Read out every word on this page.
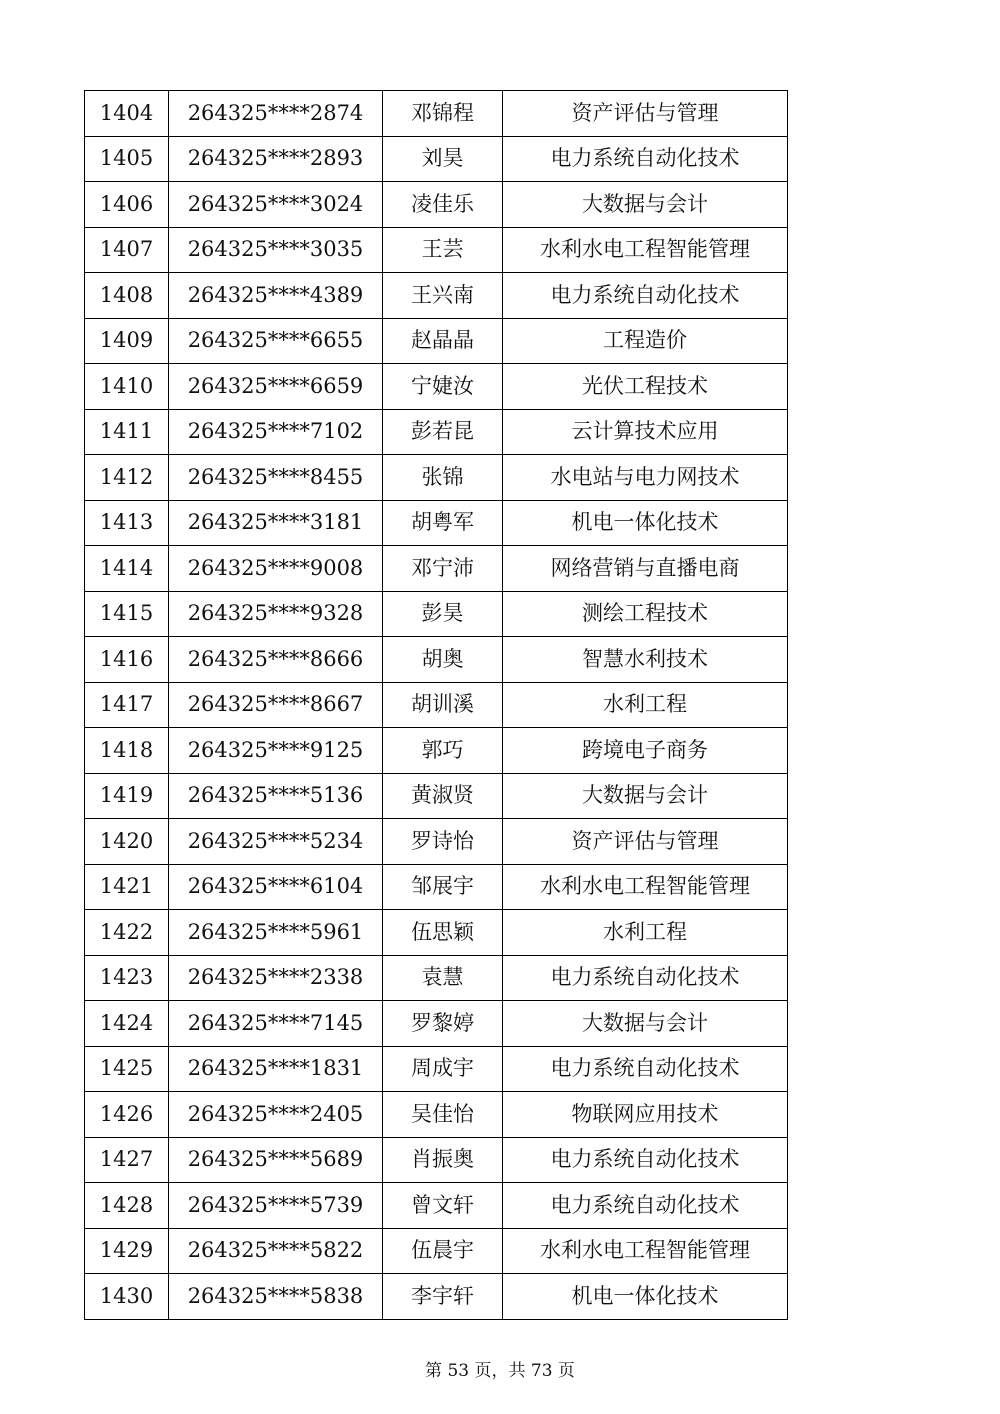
1404	264325****2874	邓锦程	资产评估与管理
1405	264325****2893	刘昊	电力系统自动化技术
1406	264325****3024	凌佳乐	大数据与会计
1407	264325****3035	王芸	水利水电工程智能管理
1408	264325****4389	王兴南	电力系统自动化技术
1409	264325****6655	赵晶晶	工程造价
1410	264325****6659	宁婕汝	光伏工程技术
1411	264325****7102	彭若昆	云计算技术应用
1412	264325****8455	张锦	水电站与电力网技术
1413	264325****3181	胡粤军	机电一体化技术
1414	264325****9008	邓宁沛	网络营销与直播电商
1415	264325****9328	彭昊	测绘工程技术
1416	264325****8666	胡奥	智慧水利技术
1417	264325****8667	胡训溪	水利工程
1418	264325****9125	郭巧	跨境电子商务
1419	264325****5136	黄淑贤	大数据与会计
1420	264325****5234	罗诗怡	资产评估与管理
1421	264325****6104	邹展宇	水利水电工程智能管理
1422	264325****5961	伍思颖	水利工程
1423	264325****2338	袁慧	电力系统自动化技术
1424	264325****7145	罗黎婷	大数据与会计
1425	264325****1831	周成宇	电力系统自动化技术
1426	264325****2405	吴佳怡	物联网应用技术
1427	264325****5689	肖振奥	电力系统自动化技术
1428	264325****5739	曾文轩	电力系统自动化技术
1429	264325****5822	伍晨宇	水利水电工程智能管理
1430	264325****5838	李宇轩	机电一体化技术
第 53 页，共 73 页
